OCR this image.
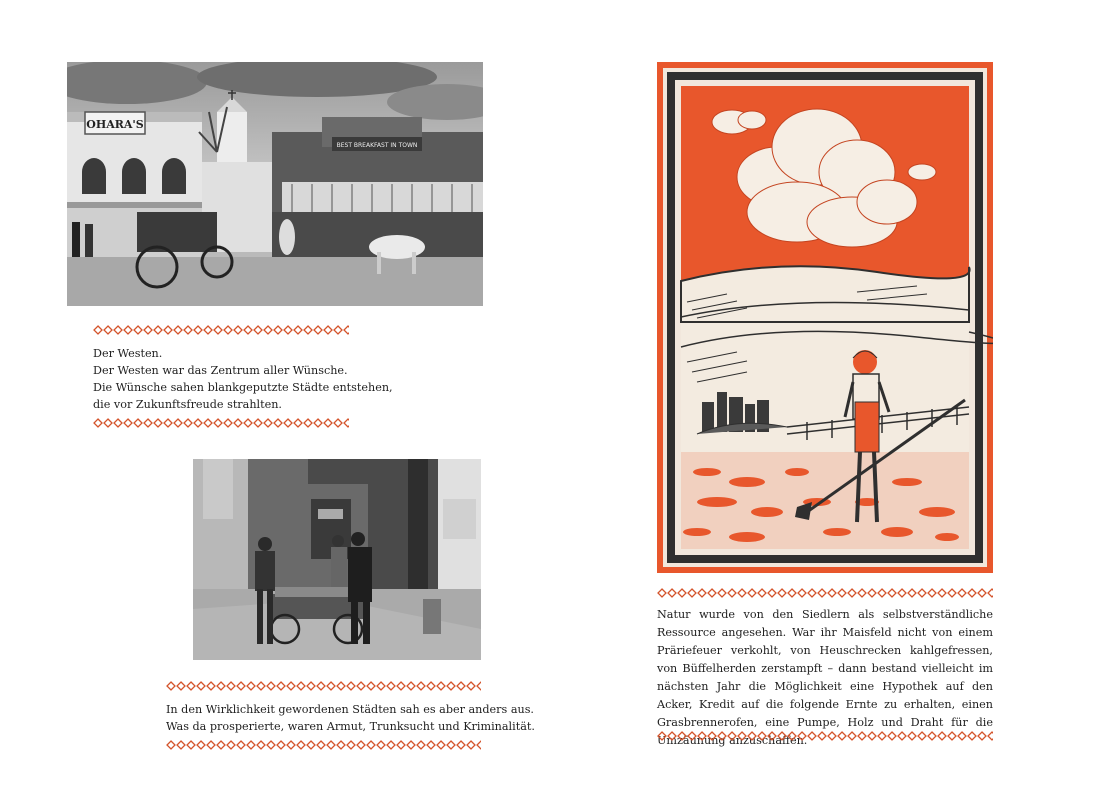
OHARA'S
BEST BREAKFAST IN TOWN

Der Westen.

Der Westen war das Zentrum aller Wünsche.

Die Wünsche sahen blankgeputzte Städte entstehen,

die vor Zukunftsfreude strahlten.

In den Wirklichkeit gewordenen Städten sah es aber anders aus.

Was da prosperierte, waren Armut, Trunksucht und Kriminalität.

Natur wurde von den Siedlern als selbstverständliche Ressource angesehen. War ihr Maisfeld nicht von einem Präriefeuer verkohlt, von Heuschrecken kahlgefressen, von Büffelherden zerstampft – dann bestand vielleicht im nächsten Jahr die Möglichkeit eine Hypothek auf den Acker, Kredit auf die folgende Ernte zu erhalten, einen Grasbrennerofen, eine Pumpe, Holz und Draht für die
